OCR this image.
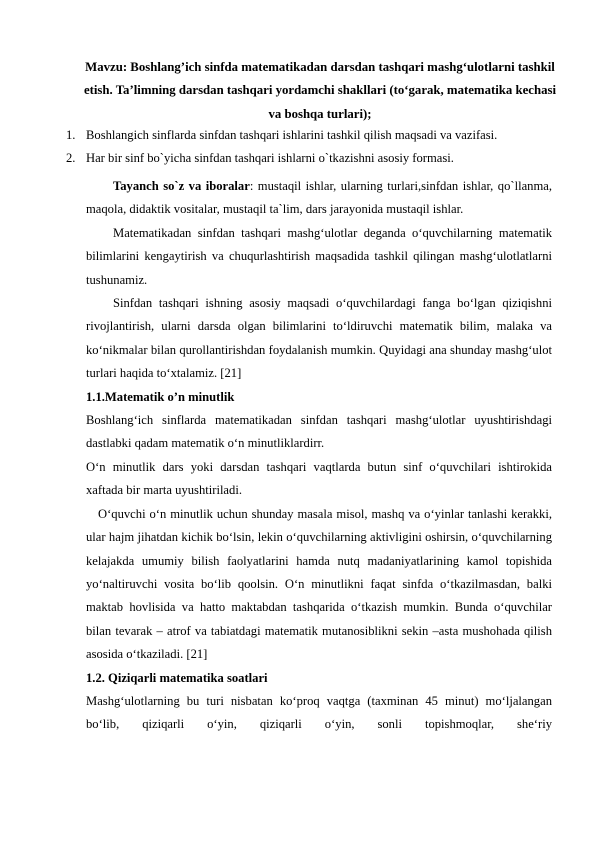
Mavzu: Boshlang’ich sinfda matematikadan darsdan tashqari mashg‘ulotlarni tashkil etish. Ta’limning darsdan tashqari yordamchi shakllari (to‘garak, matematika kechasi va boshqa turlari);
1. Boshlangich sinflarda sinfdan tashqari ishlarini tashkil qilish maqsadi va vazifasi.
2. Har bir sinf bo`yicha sinfdan tashqari ishlarni o`tkazishni asosiy formasi.

Tayanch so`z va iboralar: mustaqil ishlar, ularning turlari,sinfdan ishlar, qo`llanma, maqola, didaktik vositalar, mustaqil ta`lim, dars jarayonida mustaqil ishlar.

Matematikadan sinfdan tashqari mashg‘ulotlar deganda o‘quvchilarning matematik bilimlarini kengaytirish va chuqurlashtirish maqsadida tashkil qilingan mashg‘ulotlatlarni tushunamiz.

Sinfdan tashqari ishning asosiy maqsadi o‘quvchilardagi fanga bo‘lgan qiziqishni rivojlantirish, ularni darsda olgan bilimlarini to‘ldiruvchi matematik bilim, malaka va ko‘nikmalar bilan qurollantirishdan foydalanish mumkin. Quyidagi ana shunday mashg‘ulot turlari haqida to‘xtalamiz. [21]

1.1.Matematik o’n minutlik

Boshlang‘ich sinflarda matematikadan sinfdan tashqari mashg‘ulotlar uyushtirishdagi dastlabki qadam matematik o‘n minutliklardirr.

O‘n minutlik dars yoki darsdan tashqari vaqtlarda butun sinf o‘quvchilari ishtirokida xaftada bir marta uyushtiriladi.

O‘quvchi o‘n minutlik uchun shunday masala misol, mashq va o‘yinlar tanlashi kerakki, ular hajm jihatdan kichik bo‘lsin, lekin o‘quvchilarning aktivligini oshirsin, o‘quvchilarning kelajakda umumiy bilish faolyatlarini hamda nutq madaniyatlarining kamol topishida yo‘naltiruvchi vosita bo‘lib qoolsin. O‘n minutlikni faqat sinfda o‘tkazilmasdan, balki maktab hovlisida va hatto maktabdan tashqarida o‘tkazish mumkin. Bunda o‘quvchilar bilan tevarak – atrof va tabiatdagi matematik mutanosiblikni sekin –asta mushohada qilish asosida o‘tkaziladi. [21]

1.2. Qiziqarli matematika soatlari

Mashg‘ulotlarning bu turi nisbatan ko‘proq vaqtga (taxminan 45 minut) mo‘ljalangan bo‘lib, qiziqarli o‘yin, qiziqarli o‘yin, sonli topishmoqlar, she‘riy
